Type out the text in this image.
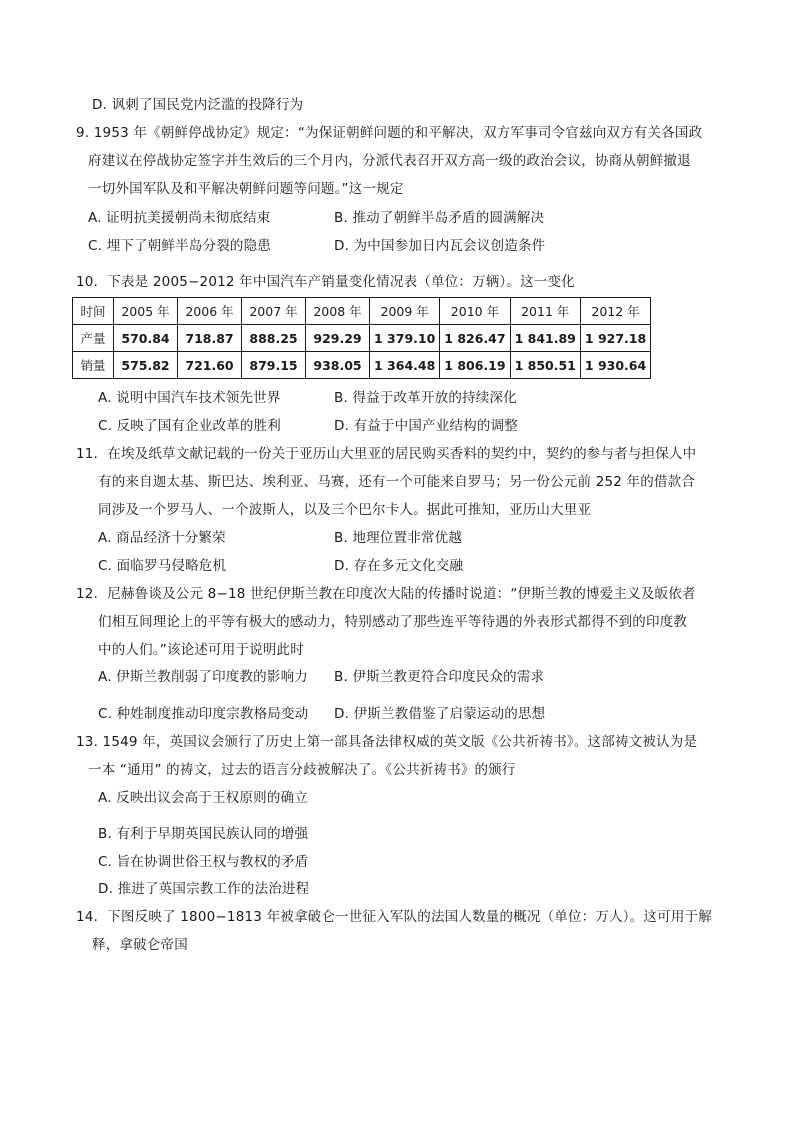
D. 讽刺了国民党内泛滥的投降行为
9. 1953 年《朝鲜停战协定》规定：“为保证朝鲜问题的和平解决，双方军事司令官兹向双方有关各国政
府建议在停战协定签字并生效后的三个月内，分派代表召开双方高一级的政治会议，协商从朝鲜撤退
一切外国军队及和平解决朝鲜问题等问题。”这一规定
A. 证明抗美援朝尚未彻底结束	B. 推动了朝鲜半岛矛盾的圆满解决
C. 埋下了朝鲜半岛分裂的隐患	D. 为中国参加日内瓦会议创造条件
10．下表是 2005−2012 年中国汽车产销量变化情况表（单位：万辆）。这一变化
时间	2005 年	2006 年	2007 年	2008 年	2009 年	2010 年	2011 年	2012 年
产量	570.84	718.87	888.25	929.29	1 379.10	1 826.47	1 841.89	1 927.18
销量	575.82	721.60	879.15	938.05	1 364.48	1 806.19	1 850.51	1 930.64
A. 说明中国汽车技术领先世界	B. 得益于改革开放的持续深化
C. 反映了国有企业改革的胜利	D. 有益于中国产业结构的调整
11．在埃及纸草文献记载的一份关于亚历山大里亚的居民购买香料的契约中，契约的参与者与担保人中
有的来自迦太基、斯巴达、埃利亚、马赛，还有一个可能来自罗马；另一份公元前 252 年的借款合
同涉及一个罗马人、一个波斯人，以及三个巴尔卡人。据此可推知，亚历山大里亚
A. 商品经济十分繁荣	B. 地理位置非常优越
C. 面临罗马侵略危机	D. 存在多元文化交融
12．尼赫鲁谈及公元 8−18 世纪伊斯兰教在印度次大陆的传播时说道：“伊斯兰教的博爱主义及皈依者
们相互间理论上的平等有极大的感动力，特别感动了那些连平等待遇的外表形式都得不到的印度教
中的人们。”该论述可用于说明此时
A. 伊斯兰教削弱了印度教的影响力 B. 伊斯兰教更符合印度民众的需求
C. 种姓制度推动印度宗教格局变动 D. 伊斯兰教借鉴了启蒙运动的思想
13. 1549 年，英国议会颁行了历史上第一部具备法律权威的英文版《公共祈祷书》。这部祷文被认为是
一本 “通用” 的祷文，过去的语言分歧被解决了。《公共祈祷书》的颁行
A. 反映出议会高于王权原则的确立
B. 有利于早期英国民族认同的增强
C. 旨在协调世俗王权与教权的矛盾
D. 推进了英国宗教工作的法治进程
14．下图反映了 1800−1813 年被拿破仑一世征入军队的法国人数量的概况（单位：万人）。这可用于解
释，拿破仑帝国
